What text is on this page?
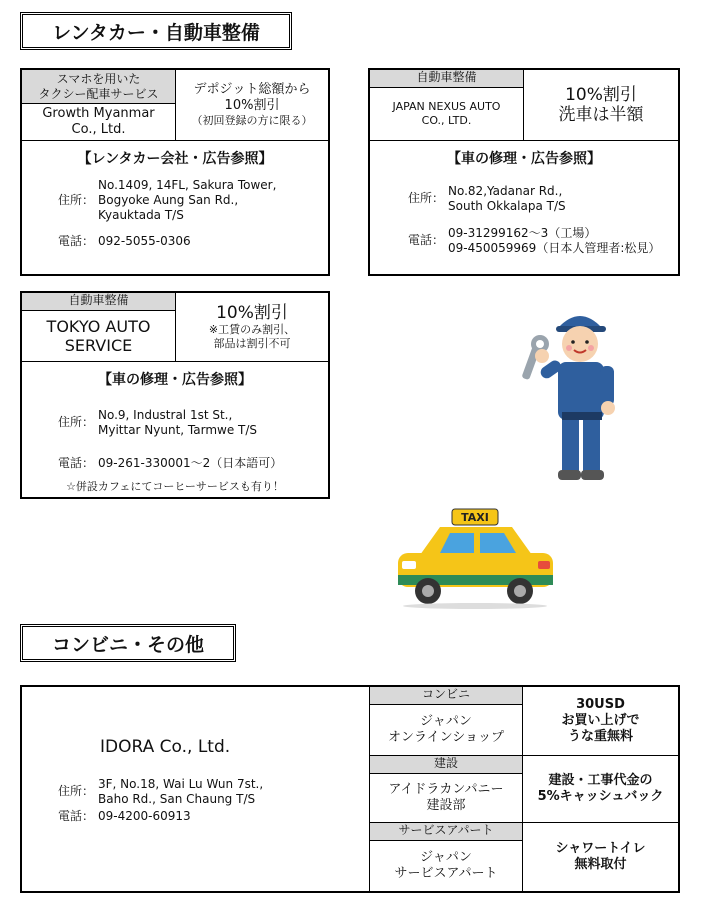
レンタカー・自動車整備
スマホを用いた
タクシー配車サービス
Growth Myanmar
Co., Ltd.
デポジット総額から
10%割引
（初回登録の方に限る）
【レンタカー会社・広告参照】
住所：
No.1409, 14FL, Sakura Tower,
Bogyoke Aung San Rd.,
Kyauktada T/S
電話： 092-5055-0306
自動車整備
JAPAN NEXUS AUTO
CO., LTD.
10%割引
洗車は半額
【車の修理・広告参照】
住所： No.82,Yadanar Rd.,
South Okkalapa T/S
電話： 09-31299162～3（工場）
09-450059969（日本人管理者:松見）
自動車整備
TOKYO AUTO
SERVICE
10%割引
※工賃のみ割引、
部品は割引不可
【車の修理・広告参照】
住所： No.9, Industral 1st St.,
Myittar Nyunt, Tarmwe T/S
電話： 09-261-330001～2（日本語可）
☆併設カフェにてコーヒーサービスも有り！
TAXI
コンビニ・その他
IDORA Co., Ltd.
住所： 3F, No.18, Wai Lu Wun 7st.,
Baho Rd., San Chaung T/S
電話： 09-4200-60913
コンビニ
ジャパン
オンラインショップ
30USD
お買い上げで
うな重無料
建設
アイドラカンパニー
建設部
建設・工事代金の
5%キャッシュバック
サービスアパート
ジャパン
サービスアパート
シャワートイレ
無料取付
